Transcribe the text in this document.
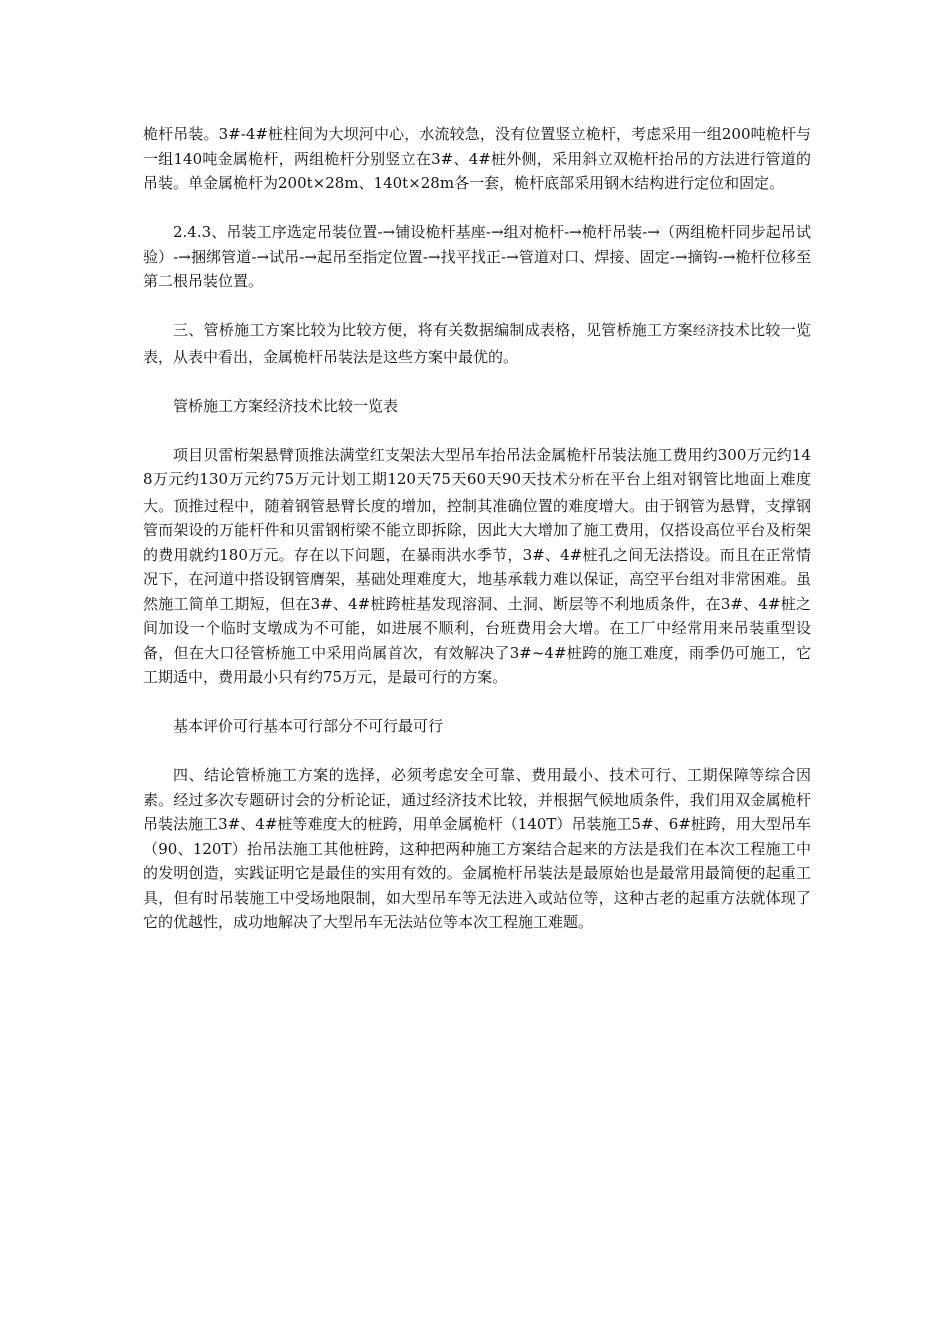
桅杆吊装。3#-4#桩柱间为大坝河中心，水流较急，没有位置竖立桅杆，考虑采用一组200吨桅杆与一组140吨金属桅杆，两组桅杆分别竖立在3#、4#桩外侧，采用斜立双桅杆抬吊的方法进行管道的吊装。单金属桅杆为200t×28m、140t×28m各一套，桅杆底部采用钢木结构进行定位和固定。

2.4.3、吊装工序选定吊装位置-→铺设桅杆基座-→组对桅杆-→桅杆吊装-→（两组桅杆同步起吊试验）-→捆绑管道-→试吊-→起吊至指定位置-→找平找正-→管道对口、焊接、固定-→摘钩-→桅杆位移至第二根吊装位置。

三、管桥施工方案比较为比较方便，将有关数据编制成表格，见管桥施工方案经济技术比较一览表，从表中看出，金属桅杆吊装法是这些方案中最优的。

管桥施工方案经济技术比较一览表

项目贝雷桁架悬臂顶推法满堂红支架法大型吊车抬吊法金属桅杆吊装法施工费用约300万元约148万元约130万元约75万元计划工期120天75天60天90天技术分析在平台上组对钢管比地面上难度大。顶推过程中，随着钢管悬臂长度的增加，控制其准确位置的难度增大。由于钢管为悬臂，支撑钢管而架设的万能杆件和贝雷钢桁梁不能立即拆除，因此大大增加了施工费用，仅搭设高位平台及桁架的费用就约180万元。存在以下问题，在暴雨洪水季节，3#、4#桩孔之间无法搭设。而且在正常情况下，在河道中搭设钢管膺架，基础处理难度大，地基承载力难以保证，高空平台组对非常困难。虽然施工简单工期短，但在3#、4#桩跨桩基发现溶洞、土洞、断层等不利地质条件，在3#、4#桩之间加设一个临时支墩成为不可能，如进展不顺利，台班费用会大增。在工厂中经常用来吊装重型设备，但在大口径管桥施工中采用尚属首次，有效解决了3#~4#桩跨的施工难度，雨季仍可施工，它工期适中，费用最小只有约75万元，是最可行的方案。

基本评价可行基本可行部分不可行最可行

四、结论管桥施工方案的选择，必须考虑安全可靠、费用最小、技术可行、工期保障等综合因素。经过多次专题研讨会的分析论证，通过经济技术比较，并根据气候地质条件，我们用双金属桅杆吊装法施工3#、4#桩等难度大的桩跨，用单金属桅杆（140T）吊装施工5#、6#桩跨，用大型吊车（90、120T）抬吊法施工其他桩跨，这种把两种施工方案结合起来的方法是我们在本次工程施工中的发明创造，实践证明它是最佳的实用有效的。金属桅杆吊装法是最原始也是最常用最简便的起重工具，但有时吊装施工中受场地限制，如大型吊车等无法进入或站位等，这种古老的起重方法就体现了它的优越性，成功地解决了大型吊车无法站位等本次工程施工难题。
